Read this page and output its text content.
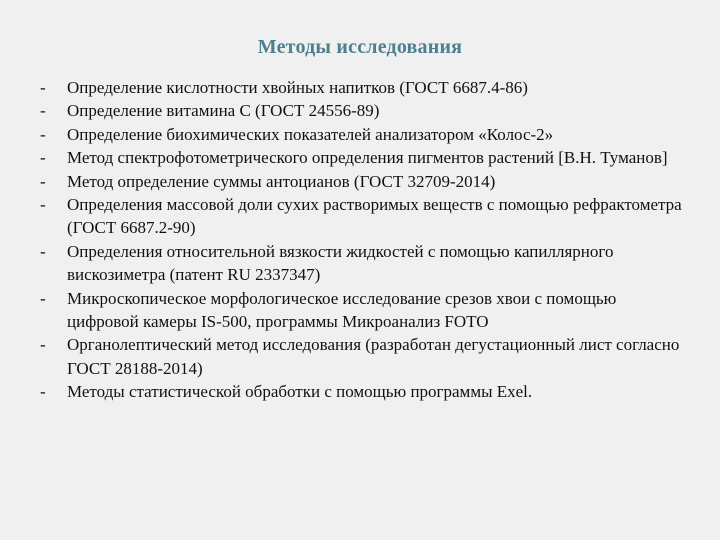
Методы исследования
-	Определение кислотности хвойных напитков (ГОСТ 6687.4-86)
-	Определение витамина С (ГОСТ 24556-89)
-	Определение биохимических показателей анализатором «Колос-2»
-	Метод спектрофотометрического определения пигментов растений [В.Н. Туманов]
-	Метод определение суммы антоцианов (ГОСТ 32709-2014)
-	Определения массовой доли сухих растворимых веществ с помощью рефрактометра (ГОСТ 6687.2-90)
-	Определения относительной вязкости жидкостей с помощью капиллярного вискозиметра (патент RU 2337347)
-	Микроскопическое морфологическое исследование срезов хвои с помощью цифровой камеры IS-500, программы Микроанализ FOTO
-	Органолептический метод исследования (разработан дегустационный лист согласно ГОСТ 28188-2014)
-	Методы статистической обработки с помощью программы Exel.
